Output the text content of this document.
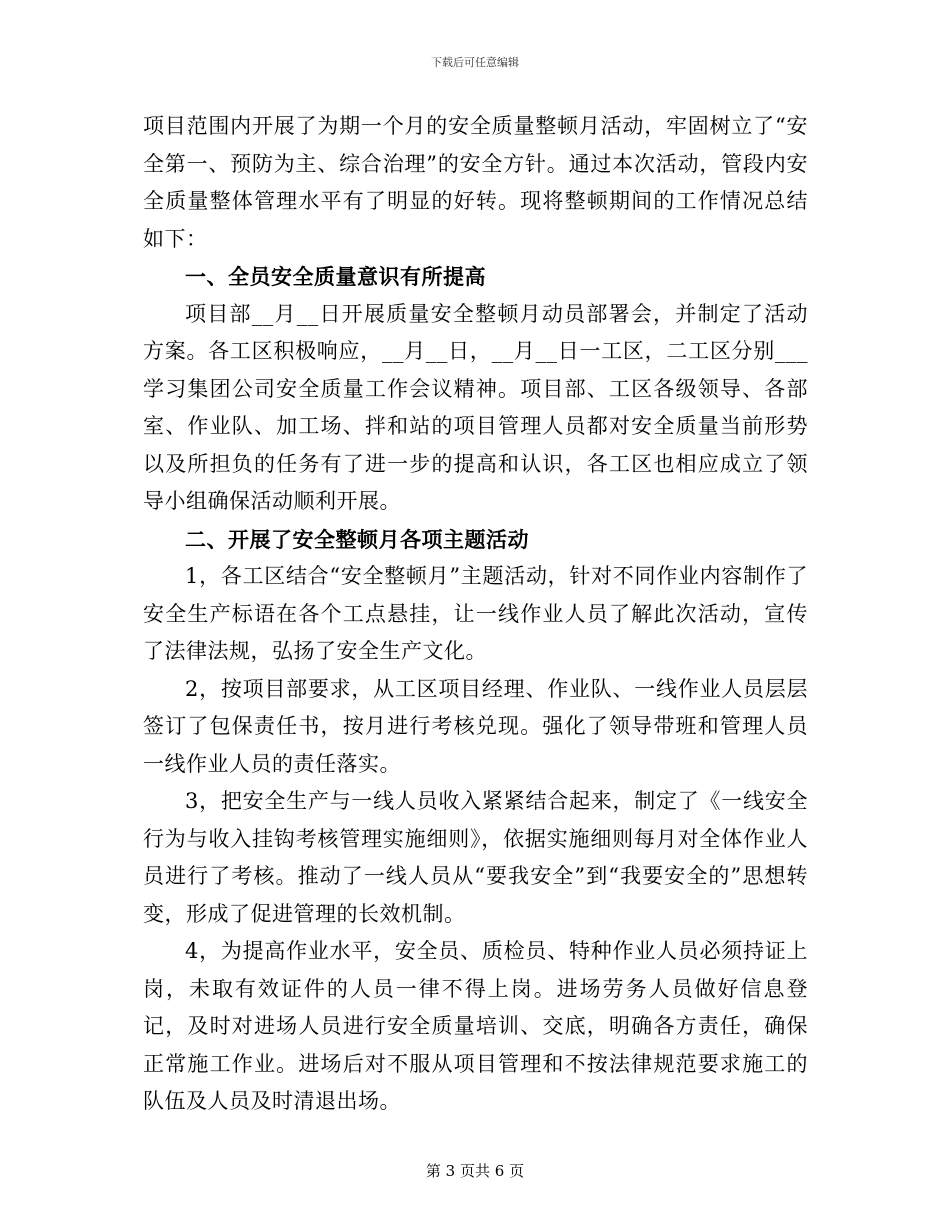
下载后可任意编辑

项目范围内开展了为期一个月的安全质量整顿月活动，牢固树立了“安全第一、预防为主、综合治理”的安全方针。通过本次活动，管段内安全质量整体管理水平有了明显的好转。现将整顿期间的工作情况总结如下：

一、全员安全质量意识有所提高

项目部__月__日开展质量安全整顿月动员部署会，并制定了活动方案。各工区积极响应，__月__日，__月__日一工区，二工区分别___学习集团公司安全质量工作会议精神。项目部、工区各级领导、各部室、作业队、加工场、拌和站的项目管理人员都对安全质量当前形势以及所担负的任务有了进一步的提高和认识，各工区也相应成立了领导小组确保活动顺利开展。

二、开展了安全整顿月各项主题活动

1，各工区结合“安全整顿月”主题活动，针对不同作业内容制作了安全生产标语在各个工点悬挂，让一线作业人员了解此次活动，宣传了法律法规，弘扬了安全生产文化。

2，按项目部要求，从工区项目经理、作业队、一线作业人员层层签订了包保责任书，按月进行考核兑现。强化了领导带班和管理人员一线作业人员的责任落实。

3，把安全生产与一线人员收入紧紧结合起来，制定了《一线安全行为与收入挂钩考核管理实施细则》，依据实施细则每月对全体作业人员进行了考核。推动了一线人员从“要我安全”到“我要安全的”思想转变，形成了促进管理的长效机制。

4，为提高作业水平，安全员、质检员、特种作业人员必须持证上岗，未取有效证件的人员一律不得上岗。进场劳务人员做好信息登记，及时对进场人员进行安全质量培训、交底，明确各方责任，确保正常施工作业。进场后对不服从项目管理和不按法律规范要求施工的队伍及人员及时清退出场。

第 3 页共 6 页
